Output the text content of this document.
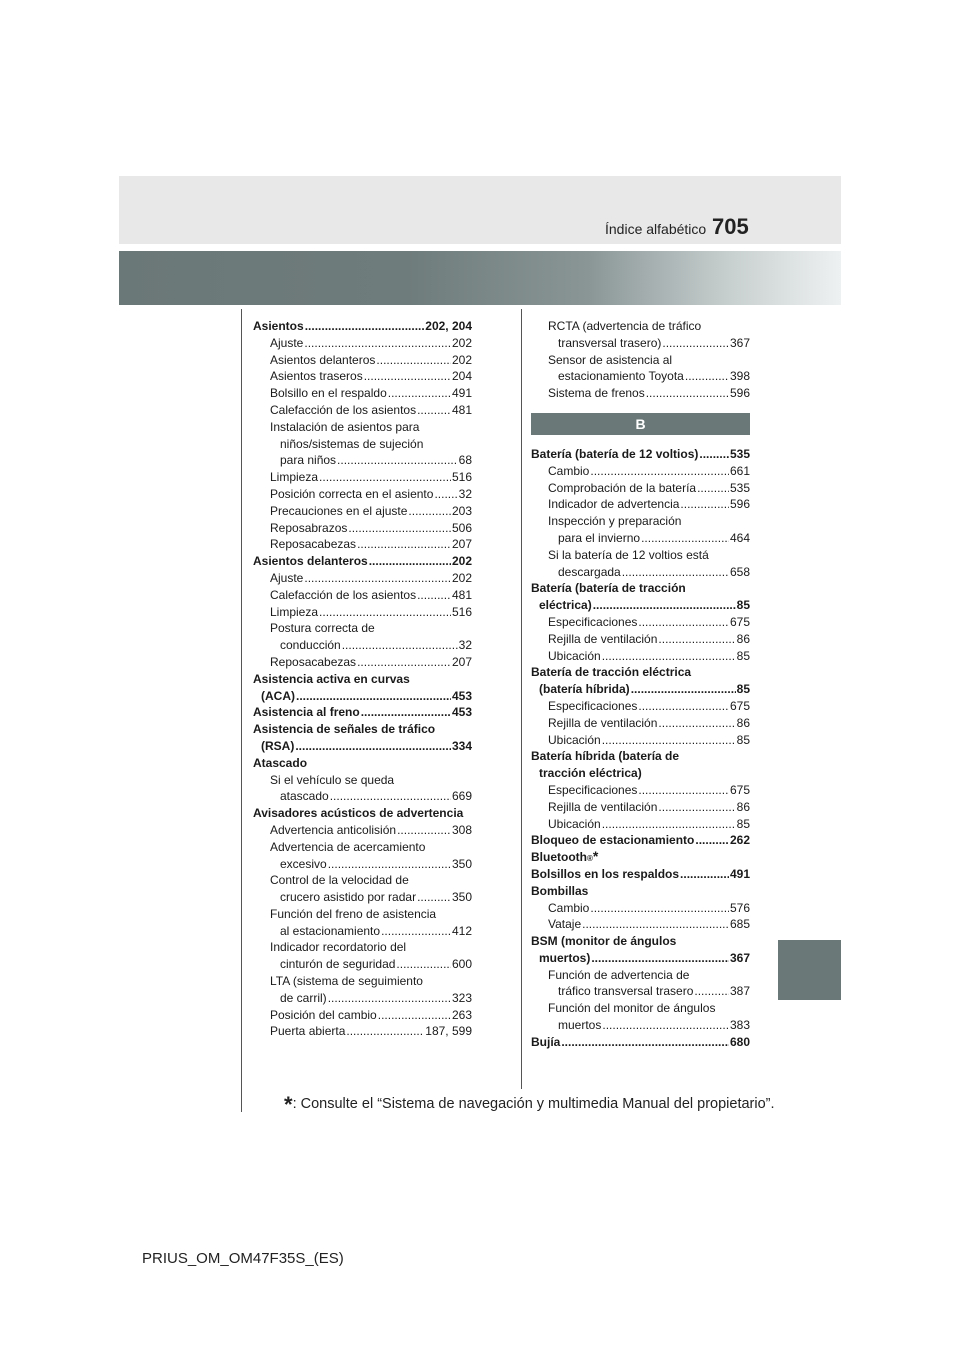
Índice alfabético 705
Asientos .....	202, 204
Ajuste .....	202
Asientos delanteros .....	202
Asientos traseros .....	204
Bolsillo en el respaldo .....	491
Calefacción de los asientos .....	481
Instalación de asientos para
niños/sistemas de sujeción
para niños .....	68
Limpieza .....	516
Posición correcta en el asiento ..... 32
Precauciones en el ajuste .....	203
Reposabrazos .....	506
Reposacabezas .....	207
Asientos delanteros .....	202
Ajuste .....	202
Calefacción de los asientos .....	481
Limpieza .....	516
Postura correcta de
conducción .....	32
Reposacabezas .....	207
Asistencia activa en curvas
(ACA) .....	453
Asistencia al freno .....	453
Asistencia de señales de tráfico
(RSA) .....	334
Atascado
Si el vehículo se queda
atascado .....	669
Avisadores acústicos de advertencia
Advertencia anticolisión .....	308
Advertencia de acercamiento
excesivo .....	350
Control de la velocidad de
crucero asistido por radar .....	350
Función del freno de asistencia
al estacionamiento .....	412
Indicador recordatorio del
cinturón de seguridad .....	600
LTA (sistema de seguimiento
de carril) .....	323
Posición del cambio .....	263
Puerta abierta .....	187, 599
RCTA (advertencia de tráfico
transversal trasero) .....	367
Sensor de asistencia al
estacionamiento Toyota .....	398
Sistema de frenos .....	596
B
Batería (batería de 12 voltios) .....	535
Cambio .....	661
Comprobación de la batería .....	535
Indicador de advertencia .....	596
Inspección y preparación
para el invierno .....	464
Si la batería de 12 voltios está
descargada .....	658
Batería (batería de tracción
eléctrica) .....	85
Especificaciones .....	675
Rejilla de ventilación .....	86
Ubicación .....	85
Batería de tracción eléctrica
(batería híbrida) .....	85
Especificaciones .....	675
Rejilla de ventilación .....	86
Ubicación .....	85
Batería híbrida (batería de
tracción eléctrica)
Especificaciones .....	675
Rejilla de ventilación .....	86
Ubicación .....	85
Bloqueo de estacionamiento .....	262
Bluetooth ® *
Bolsillos en los respaldos .....	491
Bombillas
Cambio .....	576
Vataje .....	685
BSM (monitor de ángulos
muertos) .....	367
Función de advertencia de
tráfico transversal trasero .....	387
Función del monitor de ángulos
muertos .....	383
Bujía .....	680
*: Consulte el “Sistema de navegación y multimedia Manual del propietario”.
PRIUS_OM_OM47F35S_(ES)
